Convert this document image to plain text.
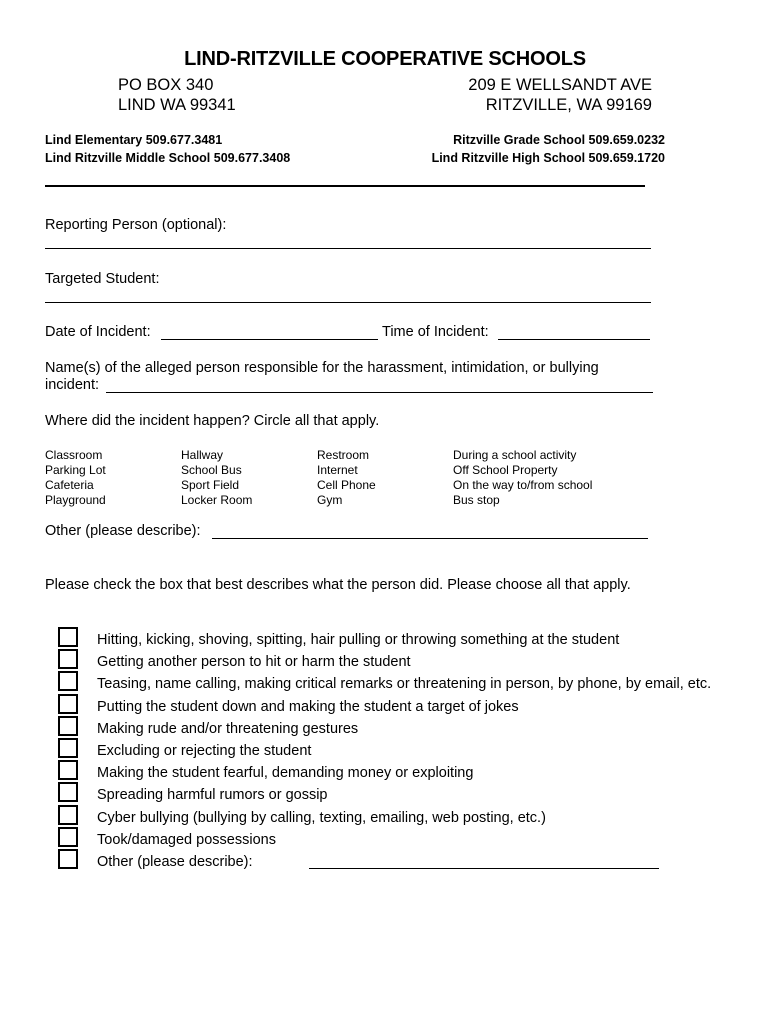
LIND-RITZVILLE COOPERATIVE SCHOOLS
PO BOX 340
LIND WA 99341
209 E WELLSANDT AVE
RITZVILLE, WA 99169
Lind Elementary 509.677.3481
Lind Ritzville Middle School 509.677.3408
Ritzville Grade School 509.659.0232
Lind Ritzville High School 509.659.1720
Reporting Person (optional):
Targeted Student:
Date of Incident:	Time of Incident:
Name(s) of the alleged person responsible for the harassment, intimidation, or bullying
incident:
Where did the incident happen? Circle all that apply.
Classroom
Parking Lot
Cafeteria
Playground
Hallway
School Bus
Sport Field
Locker Room
Restroom
Internet
Cell Phone
Gym
During a school activity
Off School Property
On the way to/from school
Bus stop
Other (please describe):
Please check the box that best describes what the person did. Please choose all that apply.
Hitting, kicking, shoving, spitting, hair pulling or throwing something at the student
Getting another person to hit or harm the student
Teasing, name calling, making critical remarks or threatening in person, by phone, by email, etc.
Putting the student down and making the student a target of jokes
Making rude and/or threatening gestures
Excluding or rejecting the student
Making the student fearful, demanding money or exploiting
Spreading harmful rumors or gossip
Cyber bullying (bullying by calling, texting, emailing, web posting, etc.)
Took/damaged possessions
Other (please describe):
